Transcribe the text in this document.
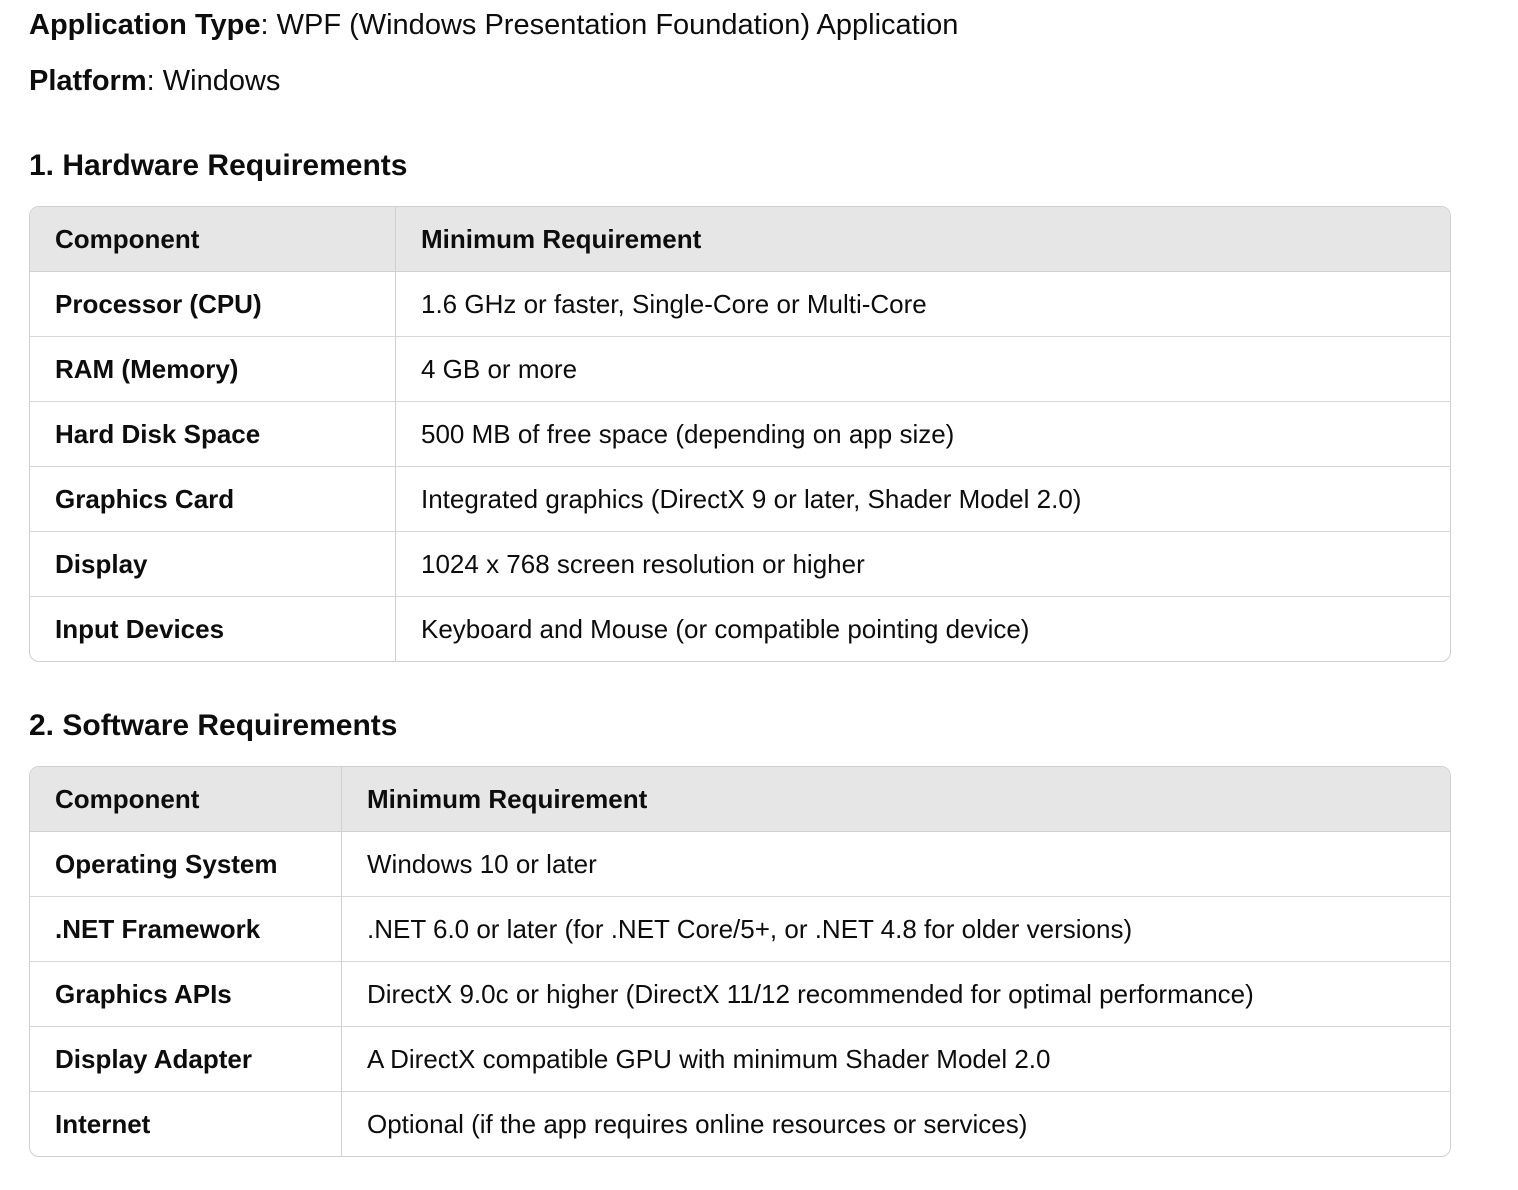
Application Type: WPF (Windows Presentation Foundation) Application
Platform: Windows
1. Hardware Requirements
Component	Minimum Requirement
Processor (CPU)	1.6 GHz or faster, Single-Core or Multi-Core
RAM (Memory)	4 GB or more
Hard Disk Space	500 MB of free space (depending on app size)
Graphics Card	Integrated graphics (DirectX 9 or later, Shader Model 2.0)
Display	1024 x 768 screen resolution or higher
Input Devices	Keyboard and Mouse (or compatible pointing device)
2. Software Requirements
Component	Minimum Requirement
Operating System	Windows 10 or later
.NET Framework	.NET 6.0 or later (for .NET Core/5+, or .NET 4.8 for older versions)
Graphics APIs	DirectX 9.0c or higher (DirectX 11/12 recommended for optimal performance)
Display Adapter	A DirectX compatible GPU with minimum Shader Model 2.0
Internet	Optional (if the app requires online resources or services)
